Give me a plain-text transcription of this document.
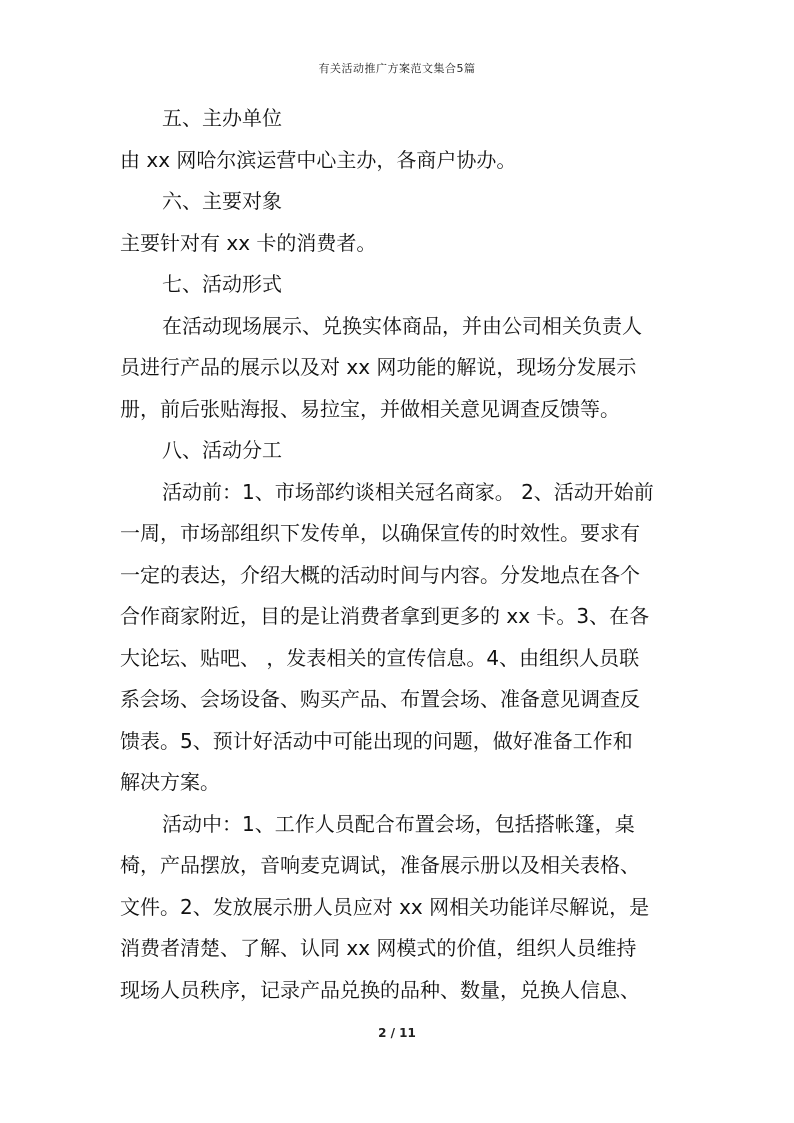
有关活动推广方案范文集合5篇
五、主办单位
由 xx 网哈尔滨运营中心主办，各商户协办。
六、主要对象
主要针对有 xx 卡的消费者。
七、活动形式
在活动现场展示、兑换实体商品，并由公司相关负责人
员进行产品的展示以及对 xx 网功能的解说，现场分发展示
册，前后张贴海报、易拉宝，并做相关意见调查反馈等。
八、活动分工
活动前：1、市场部约谈相关冠名商家。 2、活动开始前
一周，市场部组织下发传单，以确保宣传的时效性。要求有
一定的表达，介绍大概的活动时间与内容。分发地点在各个
合作商家附近，目的是让消费者拿到更多的 xx 卡。3、在各
大论坛、贴吧、 ，发表相关的宣传信息。4、由组织人员联
系会场、会场设备、购买产品、布置会场、准备意见调查反
馈表。5、预计好活动中可能出现的问题，做好准备工作和
解决方案。
活动中：1、工作人员配合布置会场，包括搭帐篷，桌
椅，产品摆放，音响麦克调试，准备展示册以及相关表格、
文件。2、发放展示册人员应对 xx 网相关功能详尽解说，是
消费者清楚、了解、认同 xx 网模式的价值，组织人员维持
现场人员秩序，记录产品兑换的品种、数量，兑换人信息、
2 / 11
